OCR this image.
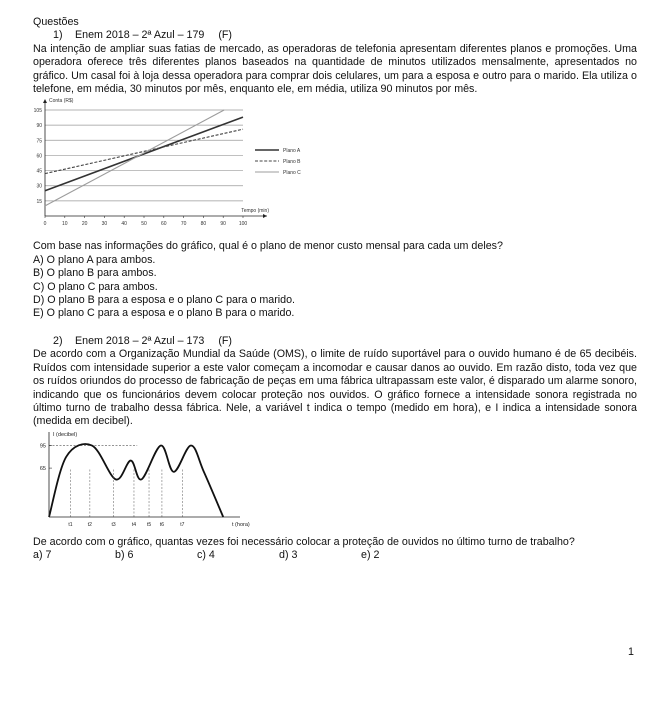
Questões

1) Enem 2018 – 2ª Azul – 179 (F)

Na intenção de ampliar suas fatias de mercado, as operadoras de telefonia apresentam diferentes planos e promoções. Uma operadora oferece três diferentes planos baseados na quantidade de minutos utilizados mensalmente, apresentados no gráfico. Um casal foi à loja dessa operadora para comprar dois celulares, um para a esposa e outro para o marido. Ela utiliza o telefone, em média, 30 minutos por mês, enquanto ele, em média, utiliza 90 minutos por mês.

15
30
45
60
75
90
105
0	10	20	30	40	50	60	70	80	90	100
Conta (R$)
Tempo (min)
Plano A
Plano B
Plano C

Com base nas informações do gráfico, qual é o plano de menor custo mensal para cada um deles?

A) O plano A para ambos.

B) O plano B para ambos.

C) O plano C para ambos.

D) O plano B para a esposa e o plano C para o marido.

E) O plano C para a esposa e o plano B para o marido.

2) Enem 2018 – 2ª Azul – 173 (F)

De acordo com a Organização Mundial da Saúde (OMS), o limite de ruído suportável para o ouvido humano é de 65 decibéis. Ruídos com intensidade superior a este valor começam a incomodar e causar danos ao ouvido. Em razão disto, toda vez que os ruídos oriundos do processo de fabricação de peças em uma fábrica ultrapassam este valor, é disparado um alarme sonoro, indicando que os funcionários devem colocar proteção nos ouvidos. O gráfico fornece a intensidade sonora registrada no último turno de trabalho dessa fábrica. Nele, a variável t indica o tempo (medido em hora), e I indica a intensidade sonora (medida em decibel).

t1	t2	t3	t4 t5 t6	t7
95
65
I (decibel)
t (hora)

De acordo com o gráfico, quantas vezes foi necessário colocar a proteção de ouvidos no último turno de trabalho?

a) 7	b) 6	c) 4	d) 3	e) 2
1
